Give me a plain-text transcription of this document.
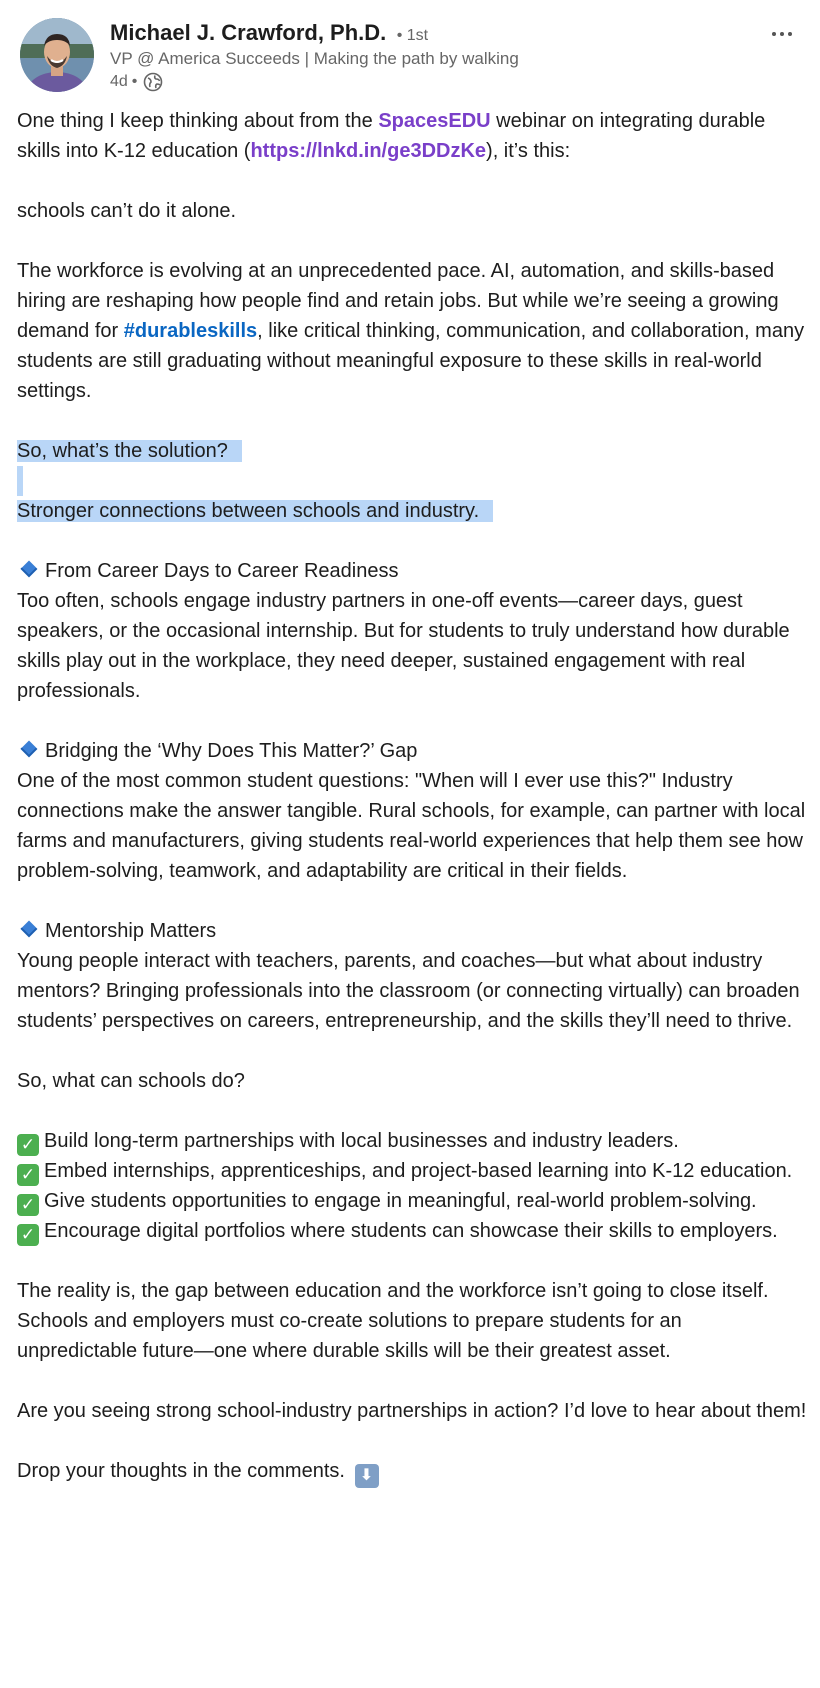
Michael J. Crawford, Ph.D. • 1st
VP @ America Succeeds | Making the path by walking
4d •

One thing I keep thinking about from the SpacesEDU webinar on integrating durable skills into K-12 education (https://lnkd.in/ge3DDzKe), it’s this:

schools can’t do it alone.

The workforce is evolving at an unprecedented pace. AI, automation, and skills-based hiring are reshaping how people find and retain jobs. But while we’re seeing a growing demand for #durableskills, like critical thinking, communication, and collaboration, many students are still graduating without meaningful exposure to these skills in real-world settings.

So, what’s the solution?

Stronger connections between schools and industry.

From Career Days to Career Readiness

Too often, schools engage industry partners in one-off events—career days, guest speakers, or the occasional internship. But for students to truly understand how durable skills play out in the workplace, they need deeper, sustained engagement with real professionals.

Bridging the ‘Why Does This Matter?’ Gap

One of the most common student questions: "When will I ever use this?" Industry connections make the answer tangible. Rural schools, for example, can partner with local farms and manufacturers, giving students real-world experiences that help them see how problem-solving, teamwork, and adaptability are critical in their fields.

Mentorship Matters

Young people interact with teachers, parents, and coaches—but what about industry mentors? Bringing professionals into the classroom (or connecting virtually) can broaden students’ perspectives on careers, entrepreneurship, and the skills they’ll need to thrive.

So, what can schools do?

✓ Build long-term partnerships with local businesses and industry leaders.

✓ Embed internships, apprenticeships, and project-based learning into K-12 education.

✓ Give students opportunities to engage in meaningful, real-world problem-solving.

✓ Encourage digital portfolios where students can showcase their skills to employers.

The reality is, the gap between education and the workforce isn’t going to close itself. Schools and employers must co-create solutions to prepare students for an unpredictable future—one where durable skills will be their greatest asset.

Are you seeing strong school-industry partnerships in action? I’d love to hear about them!

Drop your thoughts in the comments. ⬇
